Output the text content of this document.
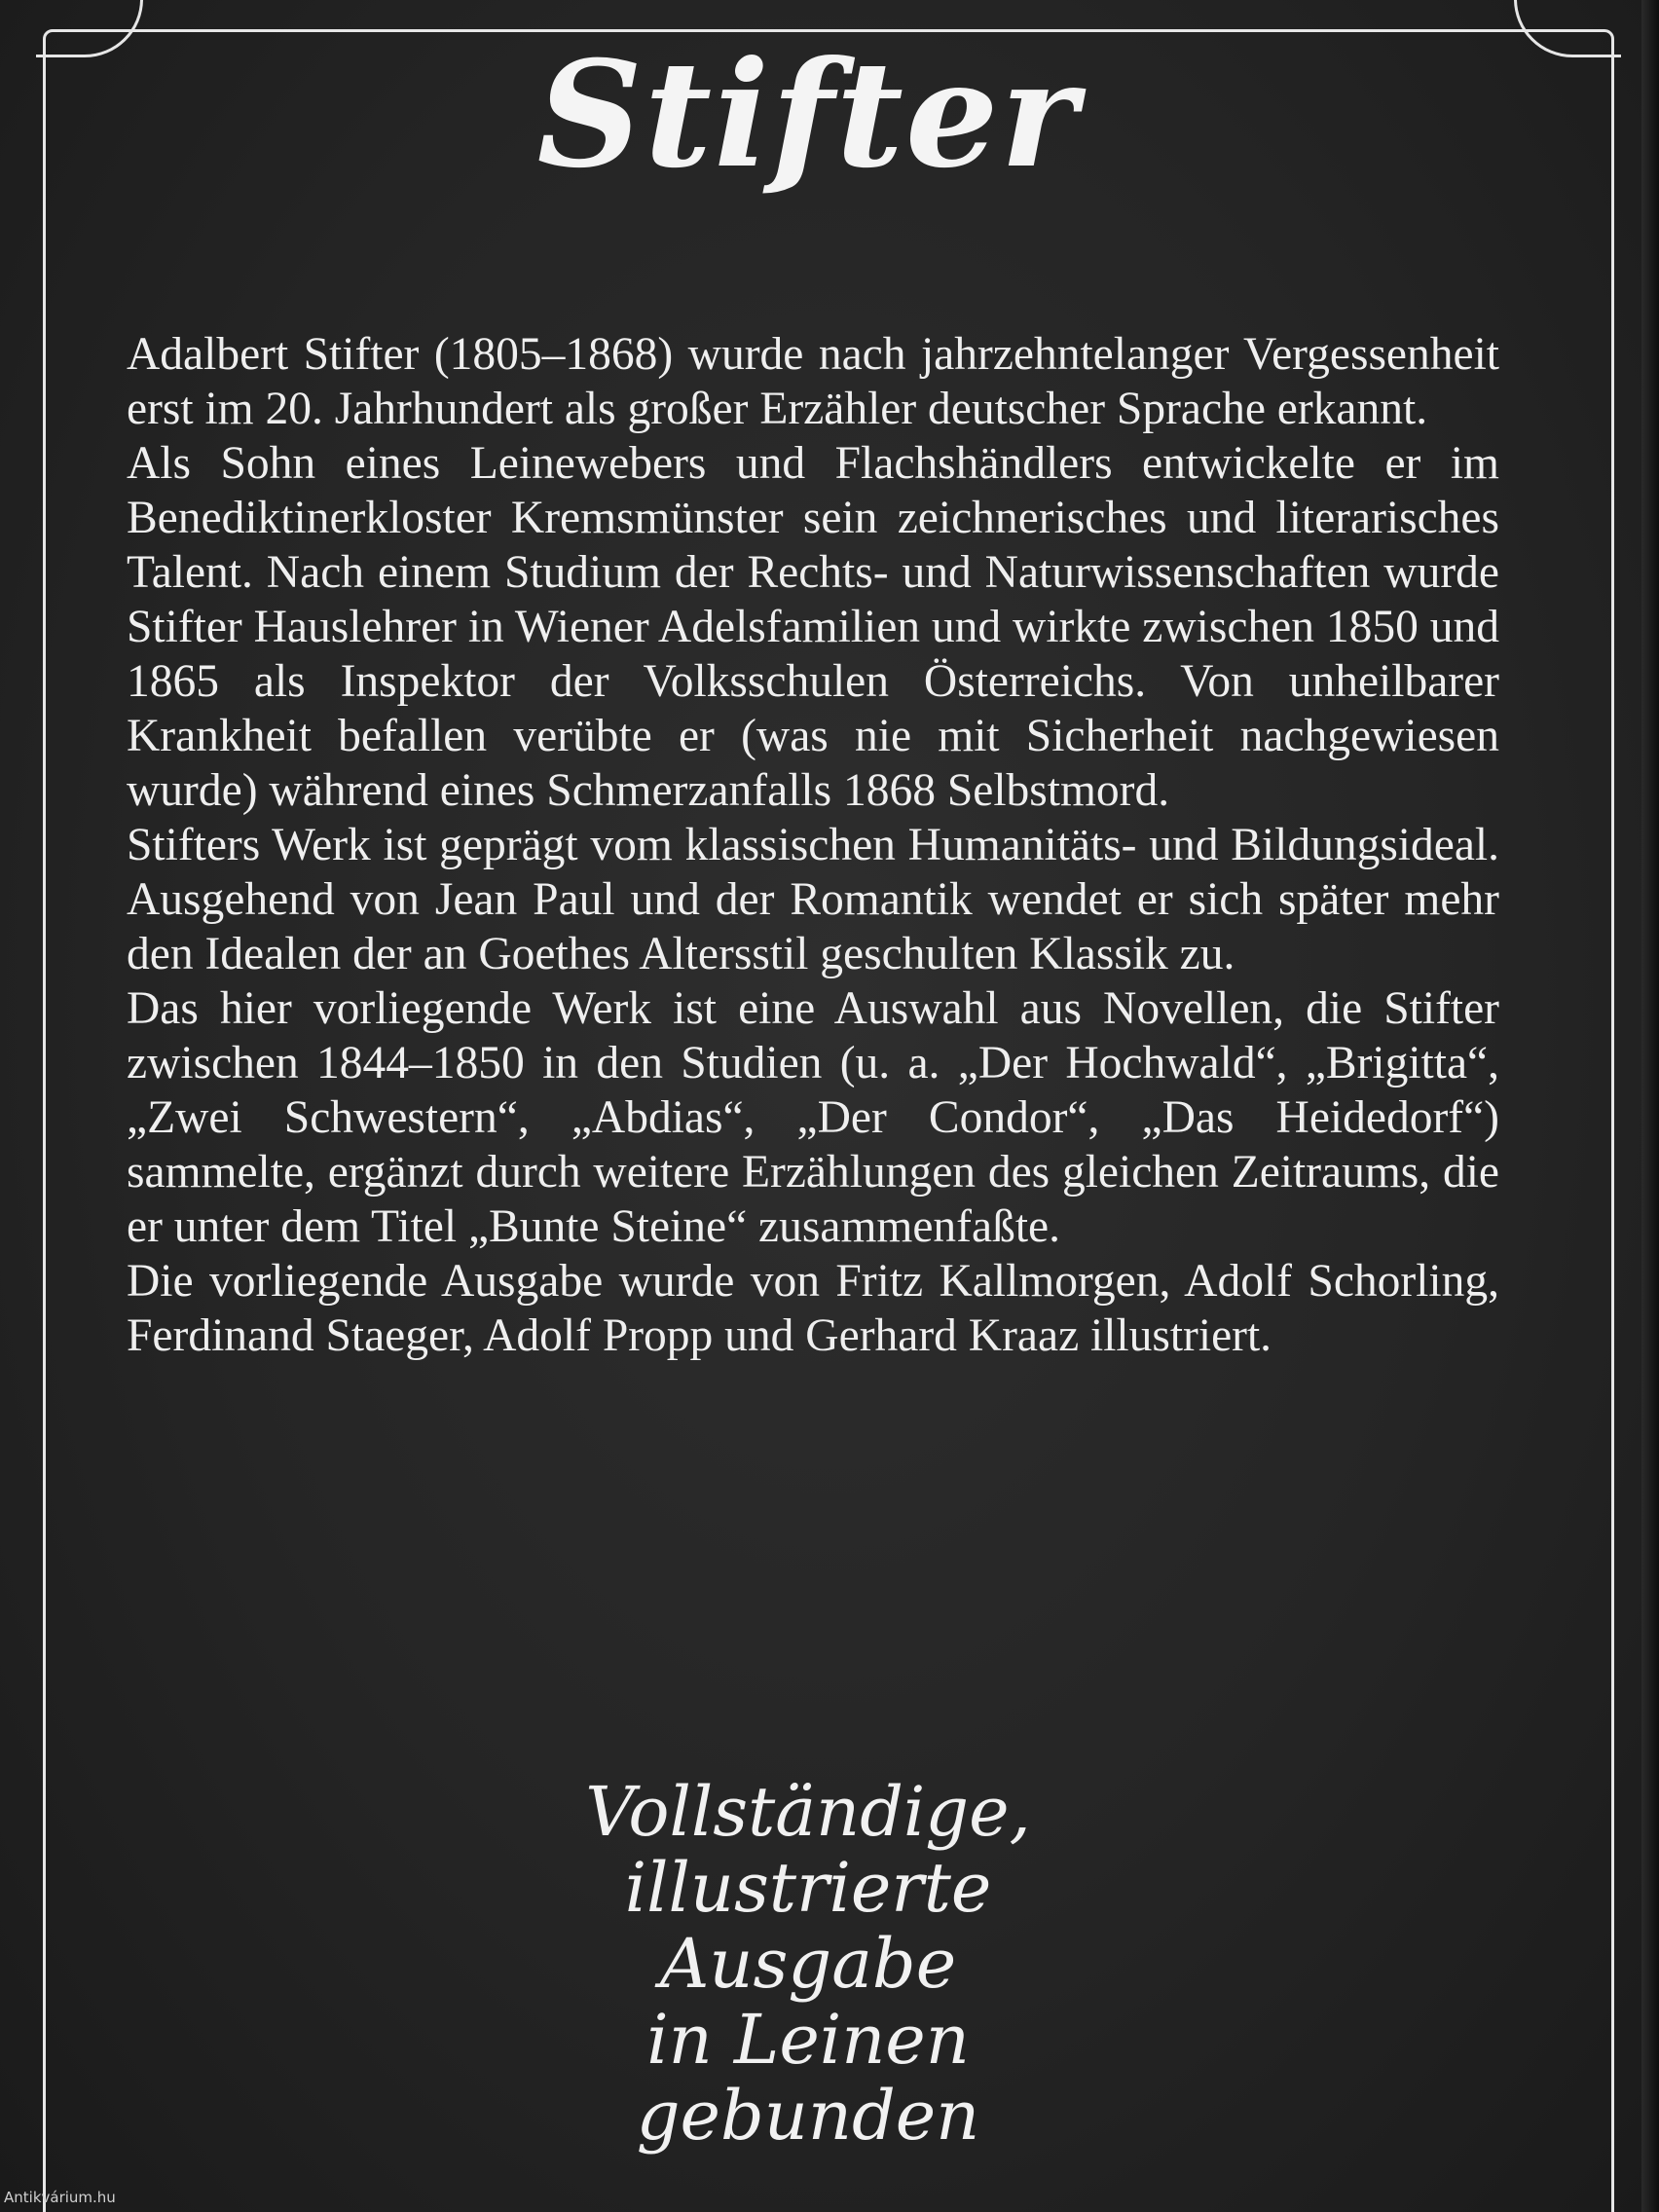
Stifter

Adalbert Stifter (1805–1868) wurde nach jahrzehntelanger Vergessenheit erst im 20. Jahrhundert als großer Erzähler deutscher Sprache erkannt.

Als Sohn eines Leinewebers und Flachshändlers entwickelte er im Benediktinerkloster Kremsmünster sein zeichnerisches und literarisches Talent. Nach einem Studium der Rechts- und Naturwissenschaften wurde Stifter Hauslehrer in Wiener Adelsfamilien und wirkte zwischen 1850 und 1865 als Inspektor der Volksschulen Österreichs. Von unheilbarer Krankheit befallen verübte er (was nie mit Sicherheit nachgewiesen wurde) während eines Schmerzanfalls 1868 Selbstmord.

Stifters Werk ist geprägt vom klassischen Humanitäts- und Bildungsideal. Ausgehend von Jean Paul und der Romantik wendet er sich später mehr den Idealen der an Goethes Altersstil geschulten Klassik zu.

Das hier vorliegende Werk ist eine Auswahl aus Novellen, die Stifter zwischen 1844–1850 in den Studien (u. a. „Der Hochwald“, „Brigitta“, „Zwei Schwestern“, „Abdias“, „Der Condor“, „Das Heidedorf“) sammelte, ergänzt durch weitere Erzählungen des gleichen Zeitraums, die er unter dem Titel „Bunte Steine“ zusammenfaßte.

Die vorliegende Ausgabe wurde von Fritz Kallmorgen, Adolf Schorling, Ferdinand Staeger, Adolf Propp und Gerhard Kraaz illustriert.

Vollständige,
illustrierte
Ausgabe
in Leinen
gebunden
Antikvárium.hu
